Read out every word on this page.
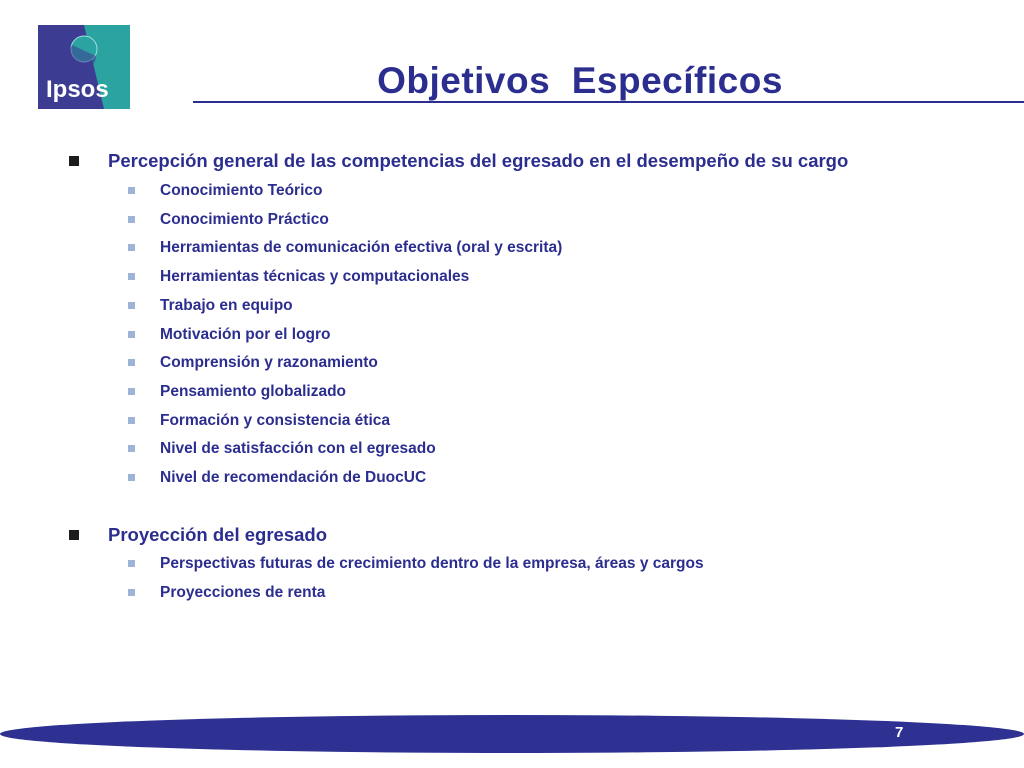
Ipsos	Objetivos  Específicos
Percepción general de las competencias del egresado en el desempeño de su cargo
Conocimiento Teórico
Conocimiento Práctico
Herramientas de comunicación efectiva (oral y escrita)
Herramientas técnicas y computacionales
Trabajo en equipo
Motivación por el logro
Comprensión y razonamiento
Pensamiento globalizado
Formación y consistencia ética
Nivel de satisfacción con el egresado
Nivel de recomendación de DuocUC
Proyección del egresado
Perspectivas futuras de crecimiento dentro de la empresa, áreas y cargos
Proyecciones de renta
7
